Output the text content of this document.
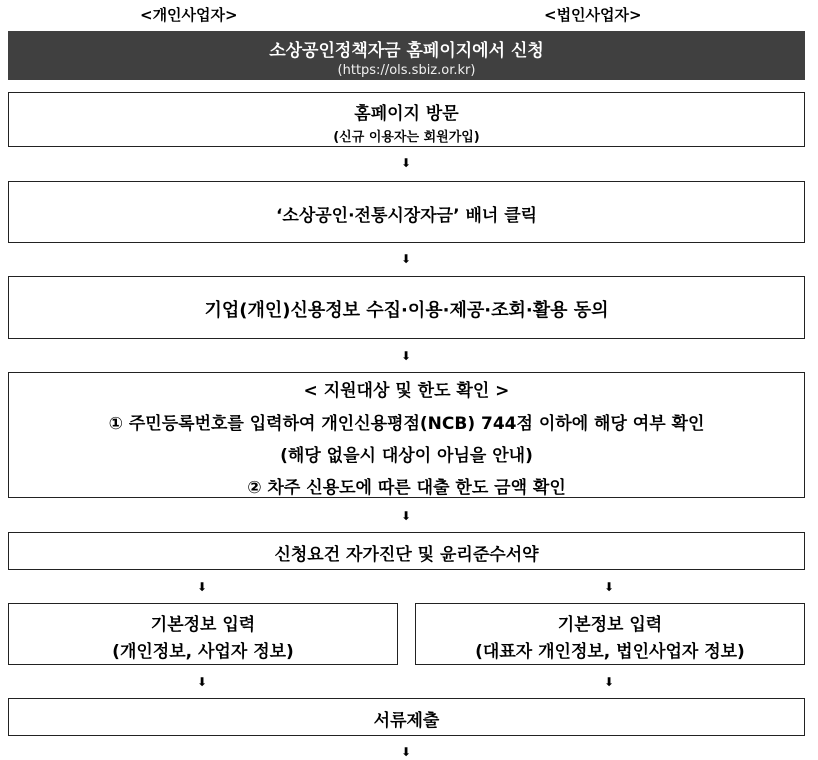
<개인사업자>	<법인사업자>
소상공인정책자금 홈페이지에서 신청
(https://ols.sbiz.or.kr)
홈페이지 방문
(신규 이용자는 회원가입)
⬇
‘소상공인·전통시장자금’ 배너 클릭
⬇
기업(개인)신용정보 수집·이용·제공·조회·활용 동의
⬇
< 지원대상 및 한도 확인 >
① 주민등록번호를 입력하여 개인신용평점(NCB) 744점 이하에 해당 여부 확인
(해당 없을시 대상이 아님을 안내)
② 차주 신용도에 따른 대출 한도 금액 확인
⬇
신청요건 자가진단 및 윤리준수서약
⬇	⬇
기본정보 입력
(개인정보, 사업자 정보)
기본정보 입력
(대표자 개인정보, 법인사업자 정보)
⬇	⬇
서류제출
⬇
